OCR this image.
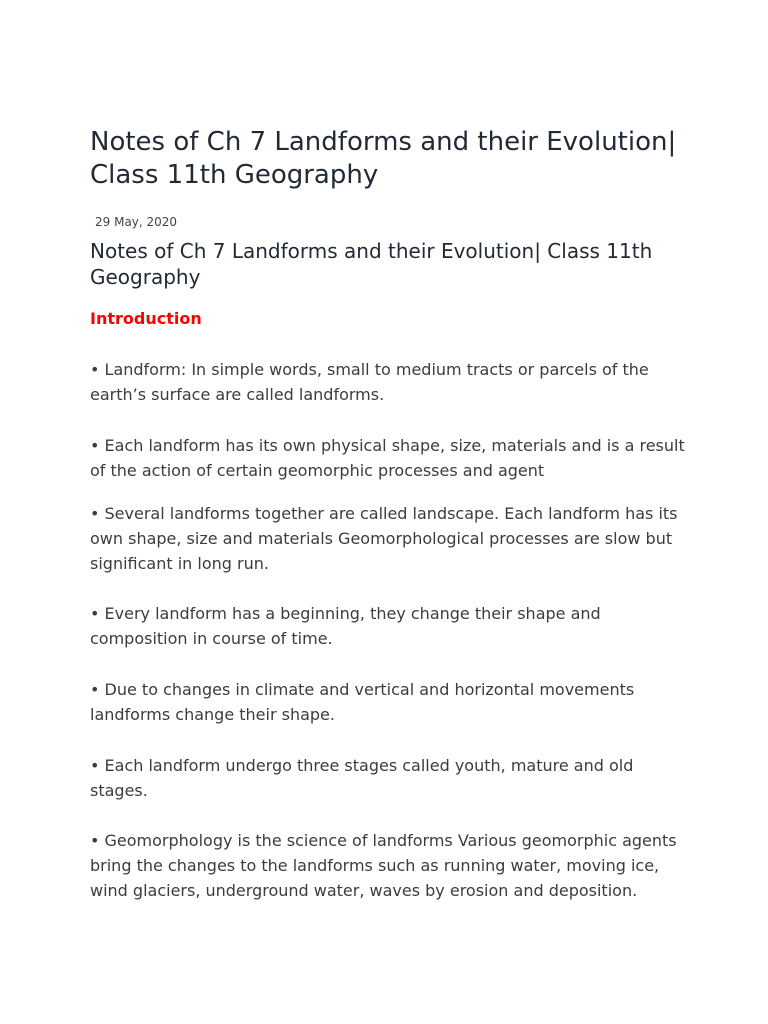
Notes of Ch 7 Landforms and their Evolution| Class 11th Geography
29 May, 2020
Notes of Ch 7 Landforms and their Evolution| Class 11th Geography
Introduction
• Landform: In simple words, small to medium tracts or parcels of the earth’s surface are called landforms.
• Each landform has its own physical shape, size, materials and is a result of the action of certain geomorphic processes and agent
• Several landforms together are called landscape. Each landform has its own shape, size and materials Geomorphological processes are slow but significant in long run.
• Every landform has a beginning, they change their shape and composition in course of time.
• Due to changes in climate and vertical and horizontal movements landforms change their shape.
• Each landform undergo three stages called youth, mature and old stages.
• Geomorphology is the science of landforms Various geomorphic agents bring the changes to the landforms such as running water, moving ice, wind glaciers, underground water, waves by erosion and deposition.
